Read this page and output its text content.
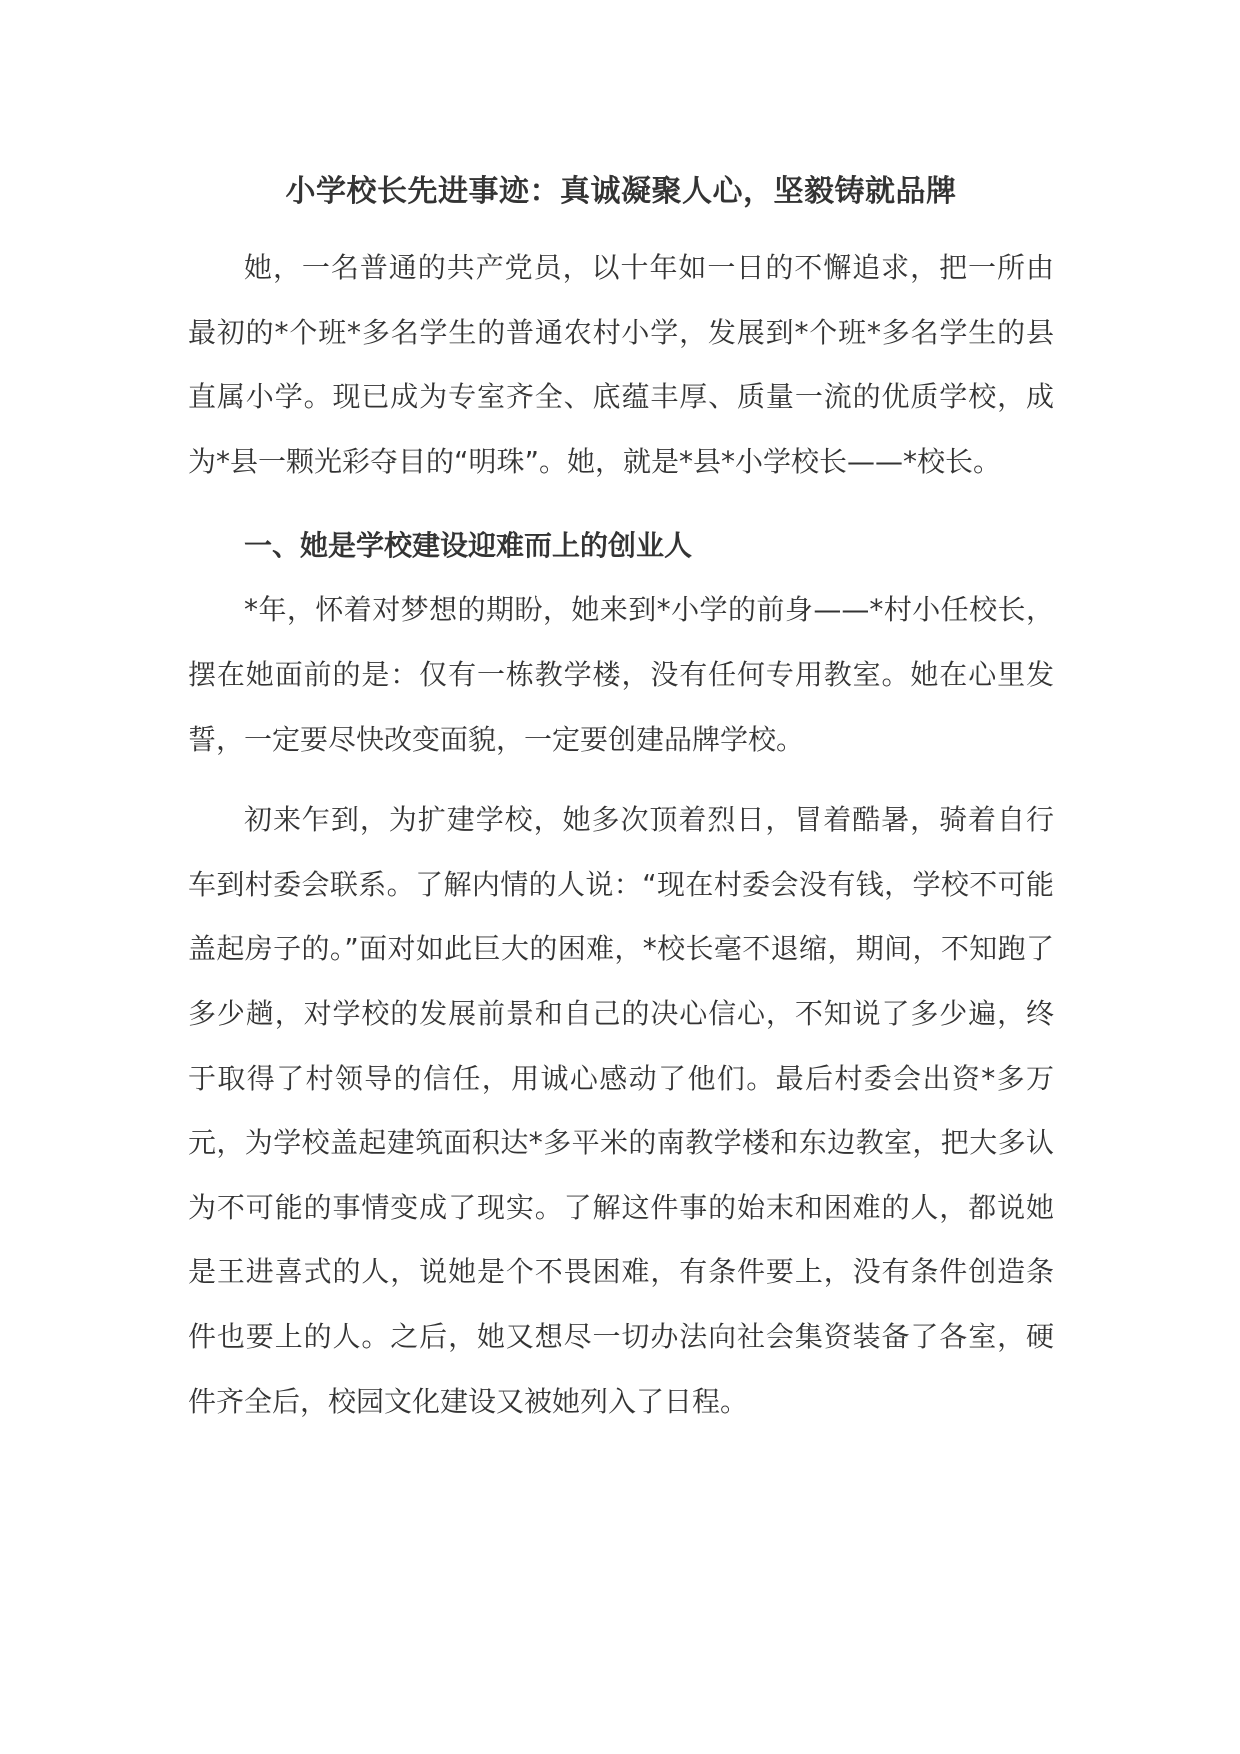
小学校长先进事迹：真诚凝聚人心，坚毅铸就品牌

她，一名普通的共产党员，以十年如一日的不懈追求，把一所由最初的*个班*多名学生的普通农村小学，发展到*个班*多名学生的县直属小学。现已成为专室齐全、底蕴丰厚、质量一流的优质学校，成为*县一颗光彩夺目的“明珠”。她，就是*县*小学校长——*校长。

一、她是学校建设迎难而上的创业人

*年，怀着对梦想的期盼，她来到*小学的前身——*村小任校长，摆在她面前的是：仅有一栋教学楼，没有任何专用教室。她在心里发誓，一定要尽快改变面貌，一定要创建品牌学校。

初来乍到，为扩建学校，她多次顶着烈日，冒着酷暑，骑着自行车到村委会联系。了解内情的人说：“现在村委会没有钱，学校不可能盖起房子的。”面对如此巨大的困难，*校长毫不退缩，期间，不知跑了多少趟，对学校的发展前景和自己的决心信心，不知说了多少遍，终于取得了村领导的信任，用诚心感动了他们。最后村委会出资*多万元，为学校盖起建筑面积达*多平米的南教学楼和东边教室，把大多认为不可能的事情变成了现实。了解这件事的始末和困难的人，都说她是王进喜式的人，说她是个不畏困难，有条件要上，没有条件创造条件也要上的人。之后，她又想尽一切办法向社会集资装备了各室，硬件齐全后，校园文化建设又被她列入了日程。
